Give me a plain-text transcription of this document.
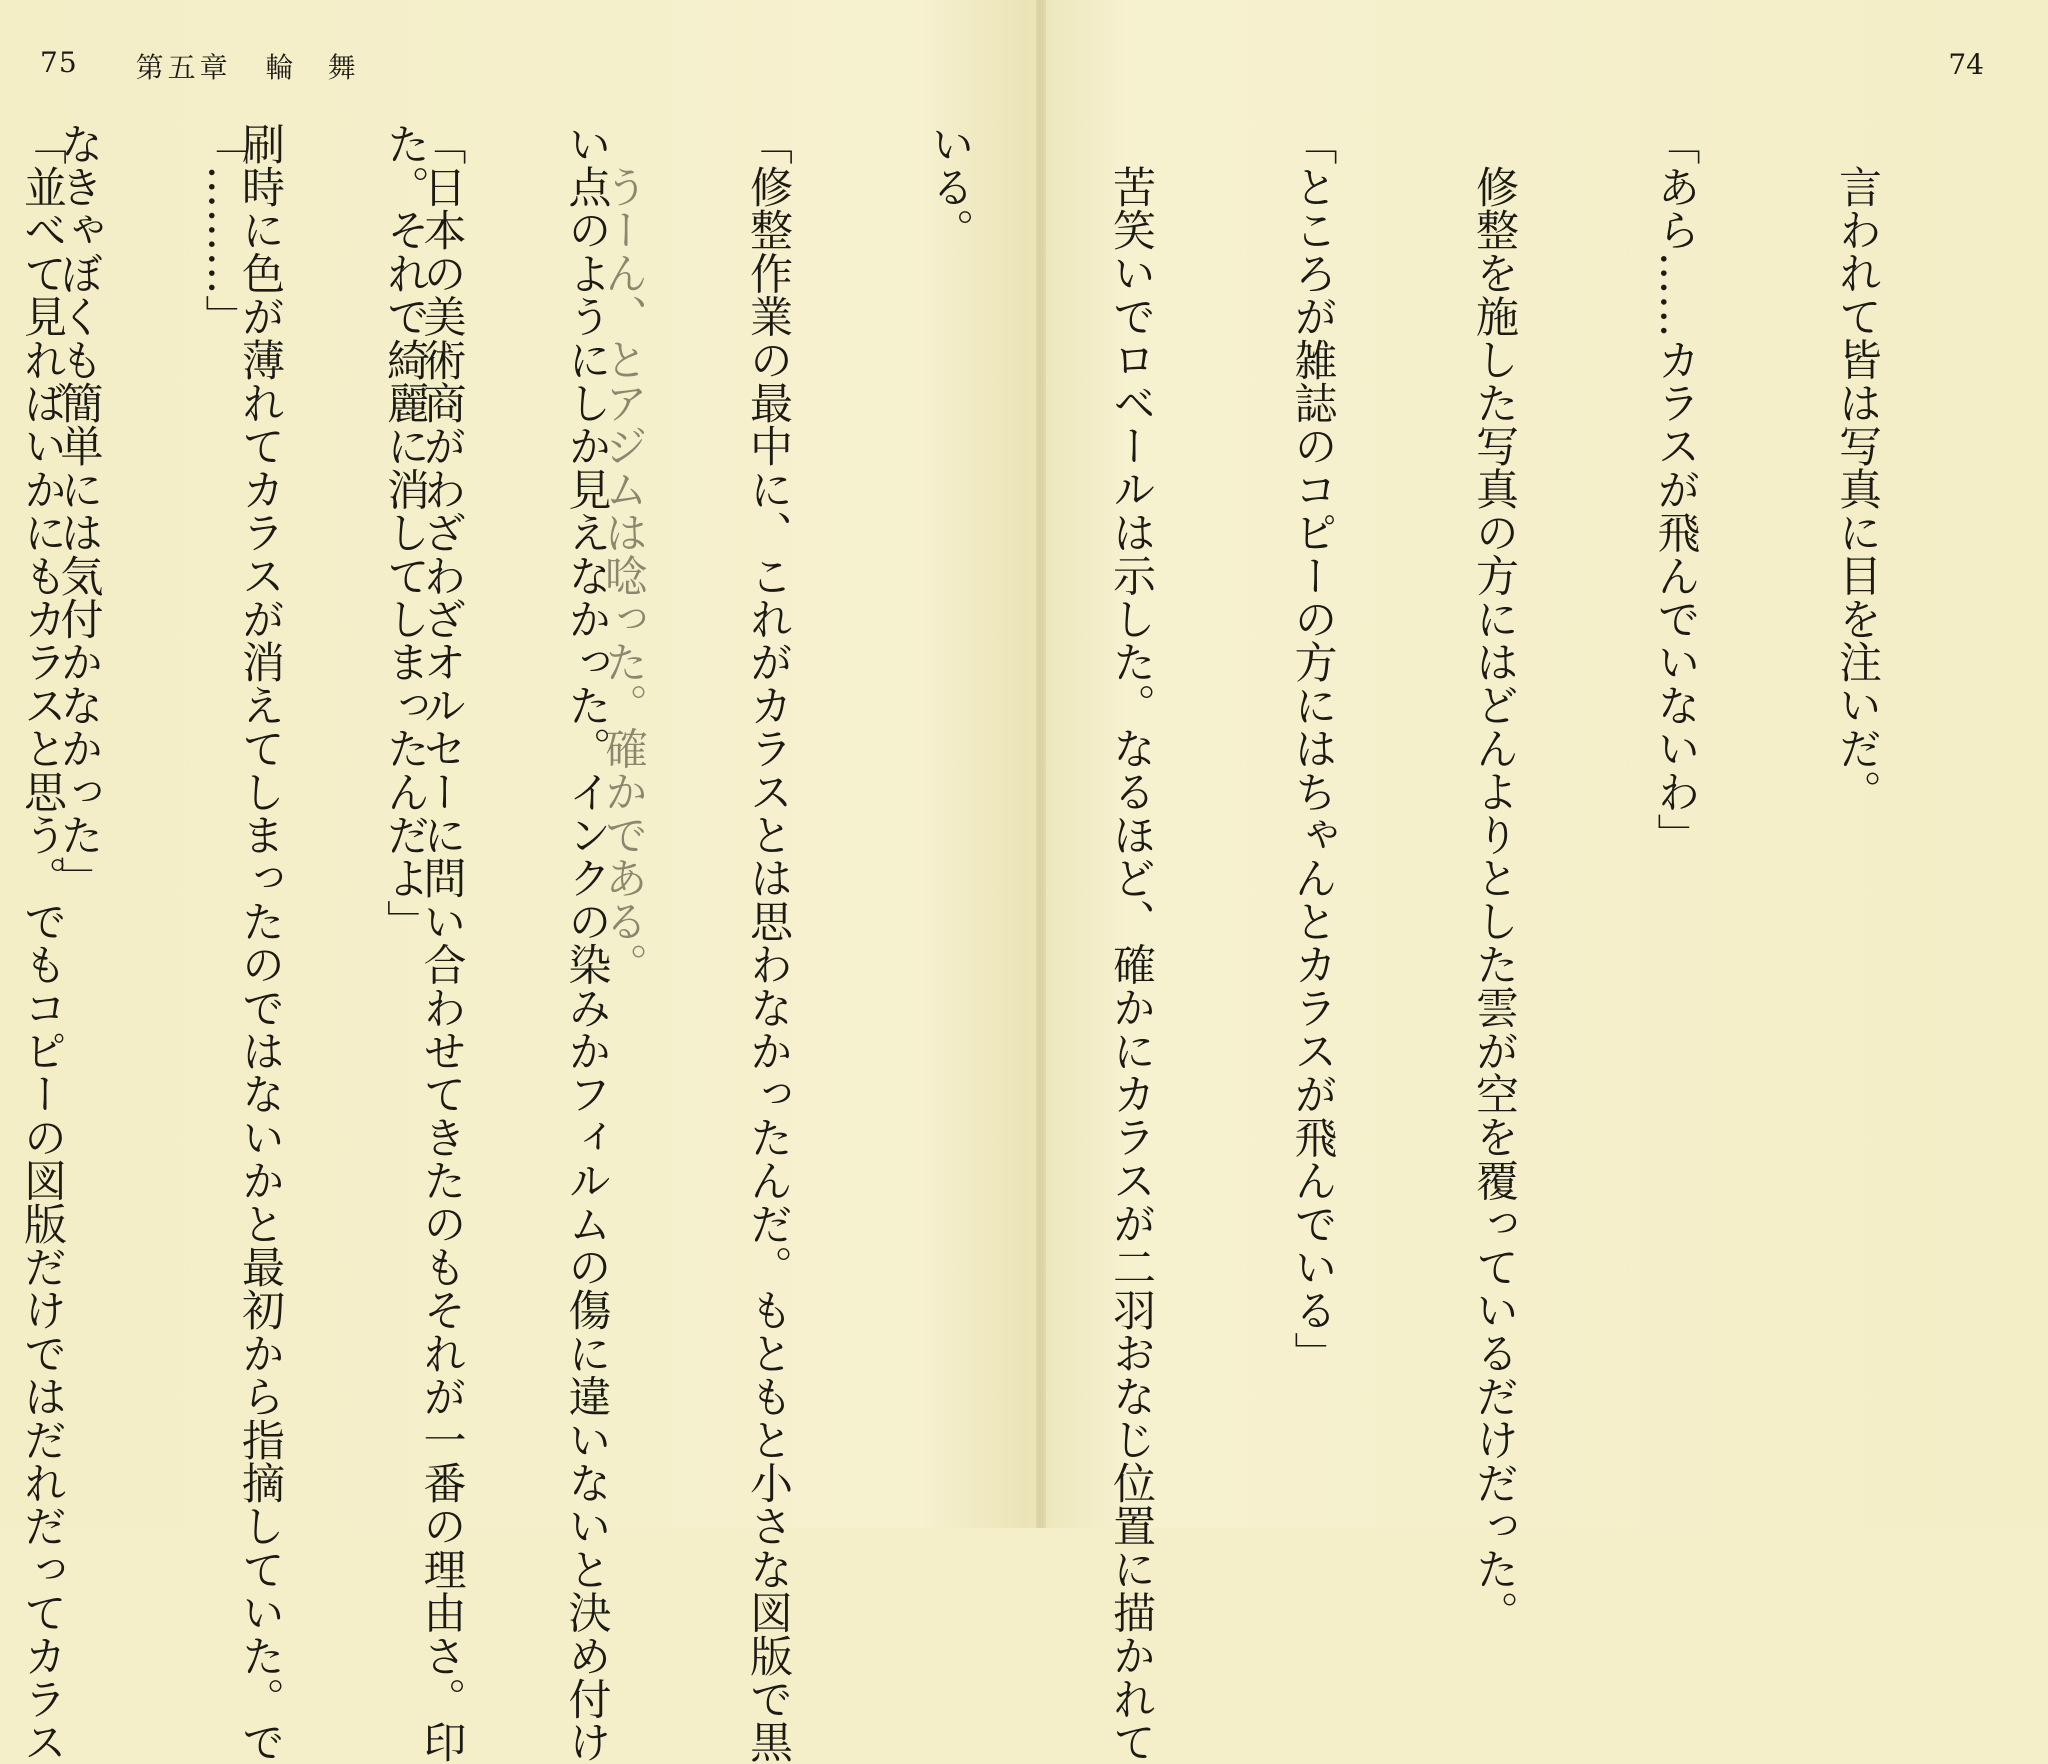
75 第五章 輪舞

うーん、とアジムは唸った。確かである。

「日本の美術商がわざわざオルセーに問い合わせてきたのもそれが一番の理由さ。印

刷時に色が薄れてカラスが消えてしまったのではないかと最初から指摘していた。で

なきゃぼくも簡単には気付かなかった」

74

言われて皆は写真に目を注いだ。

「あら……カラスが飛んでいないわ」

修整を施した写真の方にはどんよりとした雲が空を覆っているだけだった。

「ところが雑誌のコピーの方にはちゃんとカラスが飛んでいる」

苦笑いでロベールは示した。なるほど、確かにカラスが二羽おなじ位置に描かれて

いる。

「修整作業の最中に、これがカラスとは思わなかったんだ。もともと小さな図版で黒

い点のようにしか見えなかった。インクの染みかフィルムの傷に違いないと決め付け

た。それで綺麗に消してしまったんだよ」

「………」

「並べて見ればいかにもカラスと思う。でもコピーの図版だけではだれだってカラス
